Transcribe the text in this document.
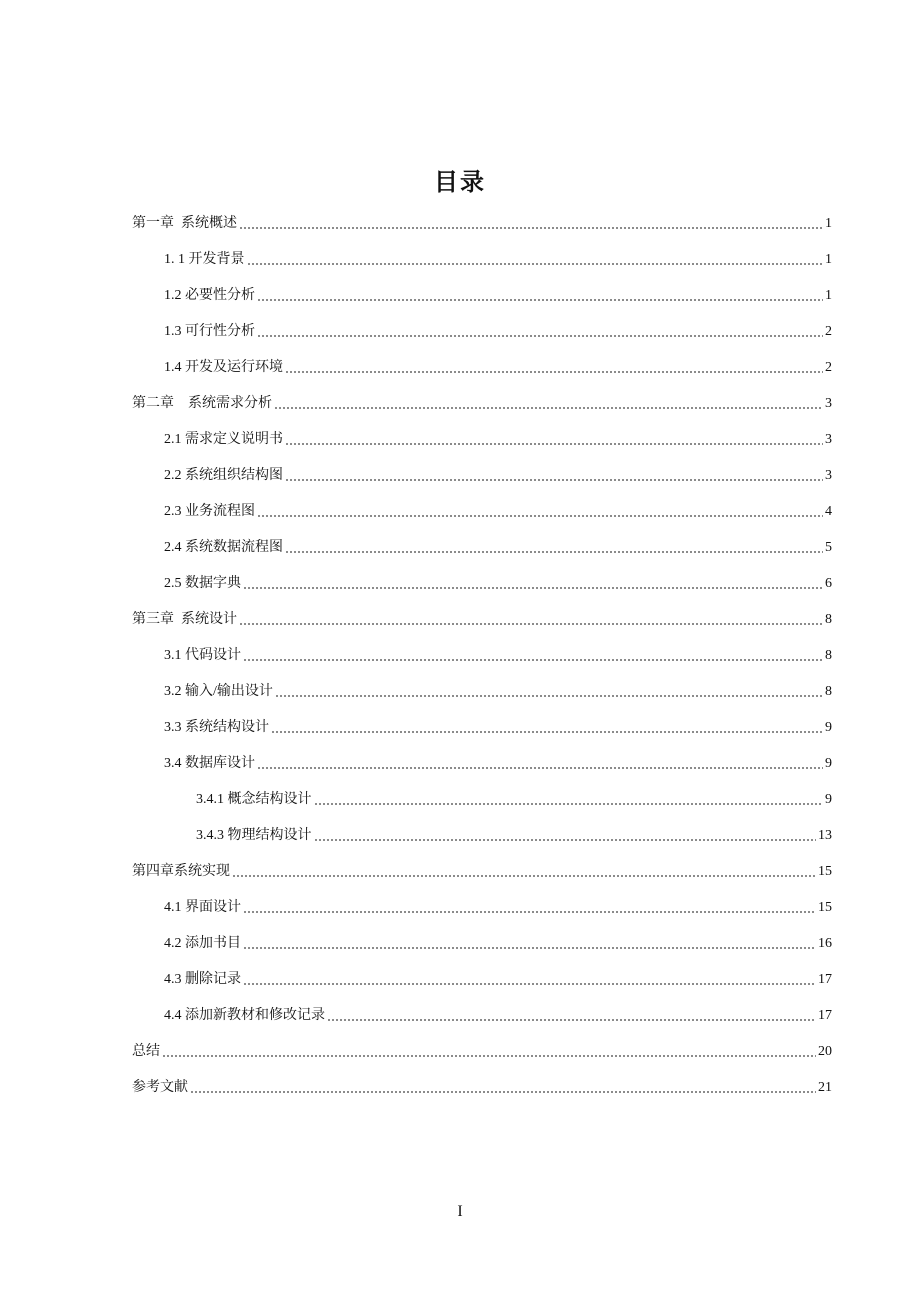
目录
第一章  系统概述	1
1. 1 开发背景	1
1.2 必要性分析	1
1.3 可行性分析	2
1.4 开发及运行环境	2
第二章    系统需求分析	3
2.1 需求定义说明书	3
2.2 系统组织结构图	3
2.3 业务流程图	4
2.4 系统数据流程图	5
2.5 数据字典	6
第三章  系统设计	8
3.1 代码设计	8
3.2 输入/输出设计	8
3.3 系统结构设计	9
3.4 数据库设计	9
3.4.1 概念结构设计	9
3.4.3 物理结构设计	13
第四章系统实现	15
4.1 界面设计	15
4.2 添加书目	16
4.3 删除记录	17
4.4 添加新教材和修改记录	17
总结	20
参考文献	21
I
